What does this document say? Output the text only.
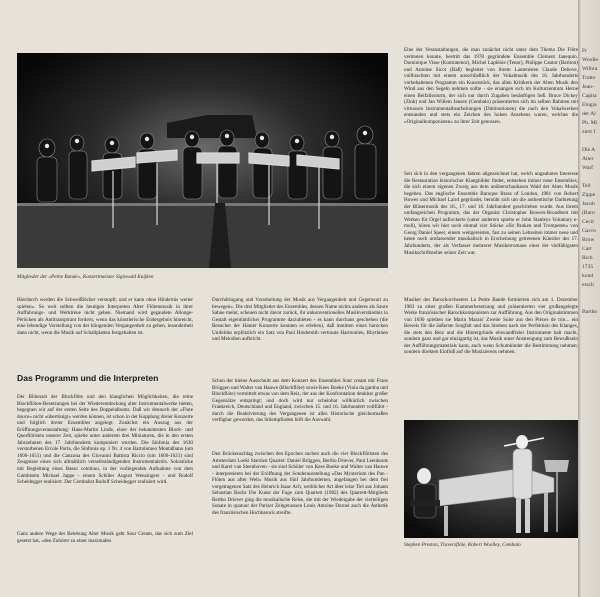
Mitglieder der »Petite Bande«, Konzertmeister Sigiswald Kuijken	ˈ

Hierdurch werden die Schweißlöcher verstopft; und er kann ohne Hindernis weiter spielen«. So weit sollten die heutigen Interpreten Alter Flötenmusik in ihrer Auffuhrungs- und Werktreue nicht gehen. Niemand wird gegaudete Allonge-Perücken als Antitranspirant fordern, wenn das künstlerische Endergebnis hinreicht, eine lebendige Vorstellung von der klingenden Vergangenheit zu geben, insonderheit dann nicht, wenn die Musik auf Schallplatten festgehalten ist.

Das Programm und die Interpreten

Der Blütezeit der Blockflöte und den klanglichen Möglichkeiten, die reine Blockflöten-Besetzungen bei der Wiederentdeckung alter Instrumentalwerke bieten, begegnen wir auf der ersten Seite des Doppelalbums. Daß wir dennoch der »Flute douce« nicht »übertönigt« werden können, ist schon in der Kopplung dreier Konzerte und folglich dreier Ensembles angelegt. Zunächst ein Auszug aus der Eröffnungsveranstaltung: Hans-Martin Linde, einer der bekanntesten Block- und Querflötisten unserer Zeit, spielte unter anderem drei Miniaturen, die in den ersten Jahrzehnten des 17. Jahrhunderts komponiert wurden. Die Sinfonia des 1630 verstorbenen Ercole Porta, die Sinfonia op. 1 Nr. 4 von Bartolomeo Montalbano (um 1600-1651) und die Canzona des Giovanni Battista Riccio (um 1600-1621) sind Zeugnisse eines sich allmählich verselbständigenden Instrumentalstils. Solostücke mit Begleitung eines Basso continuo, in der vorliegenden Aufnahme von dem Gambisten Michael Jappe - einem Schüler August Wenzingers - und Rudolf Scheidegger realisiert. Der Cembalist Rudolf Scheidegger realisiert wird.

Ganz andere Wege der Belebung Alter Musik geht Sour Cream, das sich zum Ziel gesetzt hat, »den Zuhörer zu einer maximalen

Durchdringung und Verarbeitung der Musik aus Vergangenheit und Gegenwart zu bewegen«. Die drei Mitglieder des Ensembles, dessen Name nichts anderes als Saure Sahne meint, scheuen nicht davor zurück, ihr unkonventionelles Musikverständnis in Gestalt eigentümlicher Programme darzubieten - es kann durchaus geschehen (die Besucher der Hamer Konzerte konnten es erleben), daß inmitten eines barocken Umfeldes urplötzlich ein Satz von Paul Hindemith vertraute Harmonien, Rhythmen und Melodien aufbricht.

Schon der kleine Ausschnitt aus dem Konzert des Ensembles Sour cream mit Frans Brüggen und Walter van Hauwe (Blockflöte) sowie Kees Boeke (Viola da gamba und Blockflöte) vermittelt etwas von dem Reiz, der aus der Konfrontation denkbar großer Gegensätze entspringt; und doch wird nur scheinbar willkürlich zwischen Frankreich, Deutschland und England, zwischen 15. und 16. Jahrhundert vollführt - durch die Reaktivierung des Vergangenen ist alles Historische gleichermaßen verfügbar geworden, das Stilempfinden hilft die Auswahl.

Den Brückenschlag zwischen den Epochen suchen auch die vier Blockflötisten des Amsterdam Loeki Stardust Quartet: Daniel Brüggen, Bertho Driever, Paul Leenhouts und Karel van Steenhoven - sie sind Schüler von Kees Boeke und Walter van Hauwe - interpretieren bei der Eröffnung der Sonderausstellung »Das Mysterium des Pan - Flöten aus after Welt« Musik aus fünf Jahrhunderten, angefangen bei dem frei vorgetragenen Satz des Heinrich Isaac Ach, weiblicher Art über leise Tiel aus Johann Sebastian Bachs Die Kunst der Fuge zum Quartett (1982) des Quartett-Mitglieds Bertho Driever ging die musikalische Reise, die mit der Wiedergabe der vierteiligen Sonate in quatuor der Pariser Zeitgenossen Louis Antoine Dornel auch die Ästhetik des französischen Hochbarock streifte.

Eine der Veranstaltungen, die man zunächst nicht unter dem Thema Die Flöte vermuten konnte, bestritt das 1978 gegründete Ensemble Clément Janequin. Dominique Visse (Kontratenor), Michel Laplénie (Tenor), Philippe Cantor (Bariton) und Antoine Sicot (Baß) begleitet von ihrem Lautenisten Claude Debove, vollbrachten mit einem ausschließlich der Vokalmusik des 16. Jahrhunderts vorbehaltenen Programm ein Kunststück, das allen Kritikern der Alten Musik den Wind aus den Segeln nehmen sollte - sie ersangen sich im Kulturzentrum Herne einen Beifallssturm, der sich nur durch Zugaben besänftigen ließ. Bruce Dickey (Zink) und Jan Willem Jansen (Cembalo) präsentierten sich im selben Rahmen mit virtuosen Instrumentalbearbeitungen (Diminutionen) die nach den Vokalwerken entstanden und stets ein Zeichen des hohen Ansehens waren, welches die »Originalkomponisten« zu ihrer Zeit genossen.

Seit sich in den vergangenen Jahren abgezeichnet hat, welch ungeahntes Interesse die Restauration historischer Klangbilder findet, entstehen immer neue Ensembles, die sich einem eigenen Zweig aus dem unüberschaubaren Wald der Alten Musik begeben. Das englische Ensemble Baroque Brass of London, 1981 von Robert Howes und Michael Laird gegründet, bemüht sich um die authentische Darbietung der Bläsermusik des 16., 17. und 18. Jahrhundert geschrieben wurde. Aus ihrem umfangreichen Programm, das der Organist Christopher Bowers-Broadbent mit Werken für Orgel auflockerte (unter anderem spielte er John Stanleys Voluntary e-moll), hören wir hier noch einmal vier Stücke »für Pauken und Trompeten« von Georg Daniel Speer, einem weitgereisten, fast zu seinen Lebzeiten immer neue und heute noch umfassender musikalisch in Erscheinung getretenen Künstler des 17. Jahrhunderts, der als Verfasser mehrerer Musikerromane einer der vielfältigsten Musikschriftsteller seiner Zeit war.

Musiker des Barockorchesters La Petite Bande formierten sich am 1. Dezember 1983 zu einer großen Kammerbesetzung und präsentierten vier großangelegte Werke französischer Barockkomponisten zur Aufführung. Aus den Originalstimmen von 1690 spielten sie Marin Marais' Zweite Suite aus den Pièces de trio... ein Beweis für die äußerste Sorgfalt und das Streben nach der Perfektion des Klanges, die stets den Reiz und die Hintergründe einwandfreier Instrumente halt macht, sondern ganz und gar einzigartig ist, das Musik unter Anstrengung zum Bewußtsein der Aufführungsmaterials kann, auch wenn Schumkinder die Bestimmung nehmen; sondern direkten Einfluß auf die Musizierens nehmen.

Stephen Preston, Traversflöte, Robert Woolley, Cembalo
Fr
Woolle
Wilbra
Tratto
Jean-
Capita
Elogia
der Al
Ph. Mi
ziert I

Die A
Alter
Warf

Teil
Zippe
Jacob
(Barn
Cecil
Garvo
Brow
Carr
Rich
1735
kond
ersch

Bartho
